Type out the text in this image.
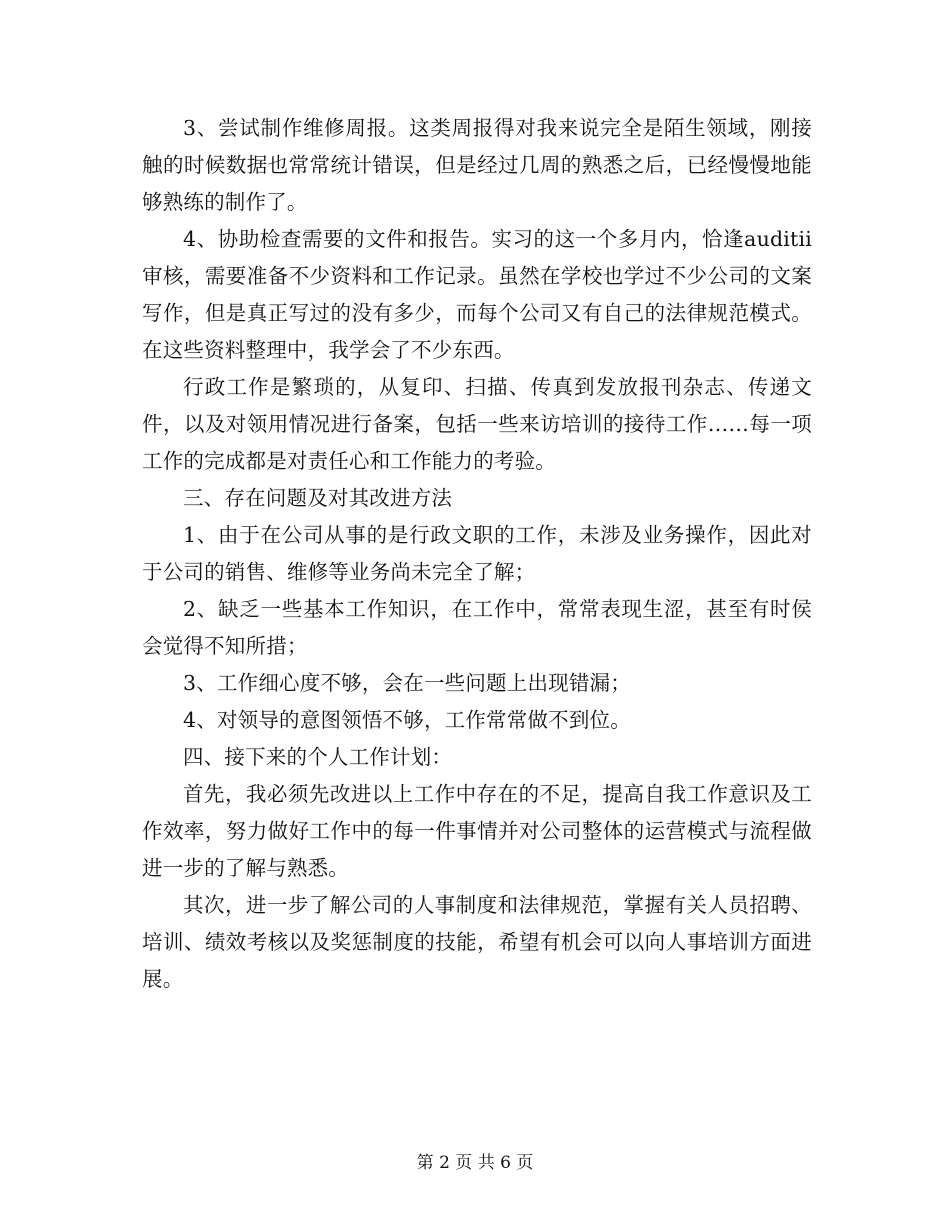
3、尝试制作维修周报。这类周报得对我来说完全是陌生领域，刚接触的时候数据也常常统计错误，但是经过几周的熟悉之后，已经慢慢地能够熟练的制作了。

4、协助检查需要的文件和报告。实习的这一个多月内，恰逢auditii 审核，需要准备不少资料和工作记录。虽然在学校也学过不少公司的文案写作，但是真正写过的没有多少，而每个公司又有自己的法律规范模式。在这些资料整理中，我学会了不少东西。

行政工作是繁琐的，从复印、扫描、传真到发放报刊杂志、传递文件，以及对领用情况进行备案，包括一些来访培训的接待工作……每一项工作的完成都是对责任心和工作能力的考验。

三、存在问题及对其改进方法

1、由于在公司从事的是行政文职的工作，未涉及业务操作，因此对于公司的销售、维修等业务尚未完全了解；

2、缺乏一些基本工作知识，在工作中，常常表现生涩，甚至有时侯会觉得不知所措；

3、工作细心度不够，会在一些问题上出现错漏；

4、对领导的意图领悟不够，工作常常做不到位。

四、接下来的个人工作计划：

首先，我必须先改进以上工作中存在的不足，提高自我工作意识及工作效率，努力做好工作中的每一件事情并对公司整体的运营模式与流程做进一步的了解与熟悉。

其次，进一步了解公司的人事制度和法律规范，掌握有关人员招聘、培训、绩效考核以及奖惩制度的技能，希望有机会可以向人事培训方面进展。

第 2 页 共 6 页
